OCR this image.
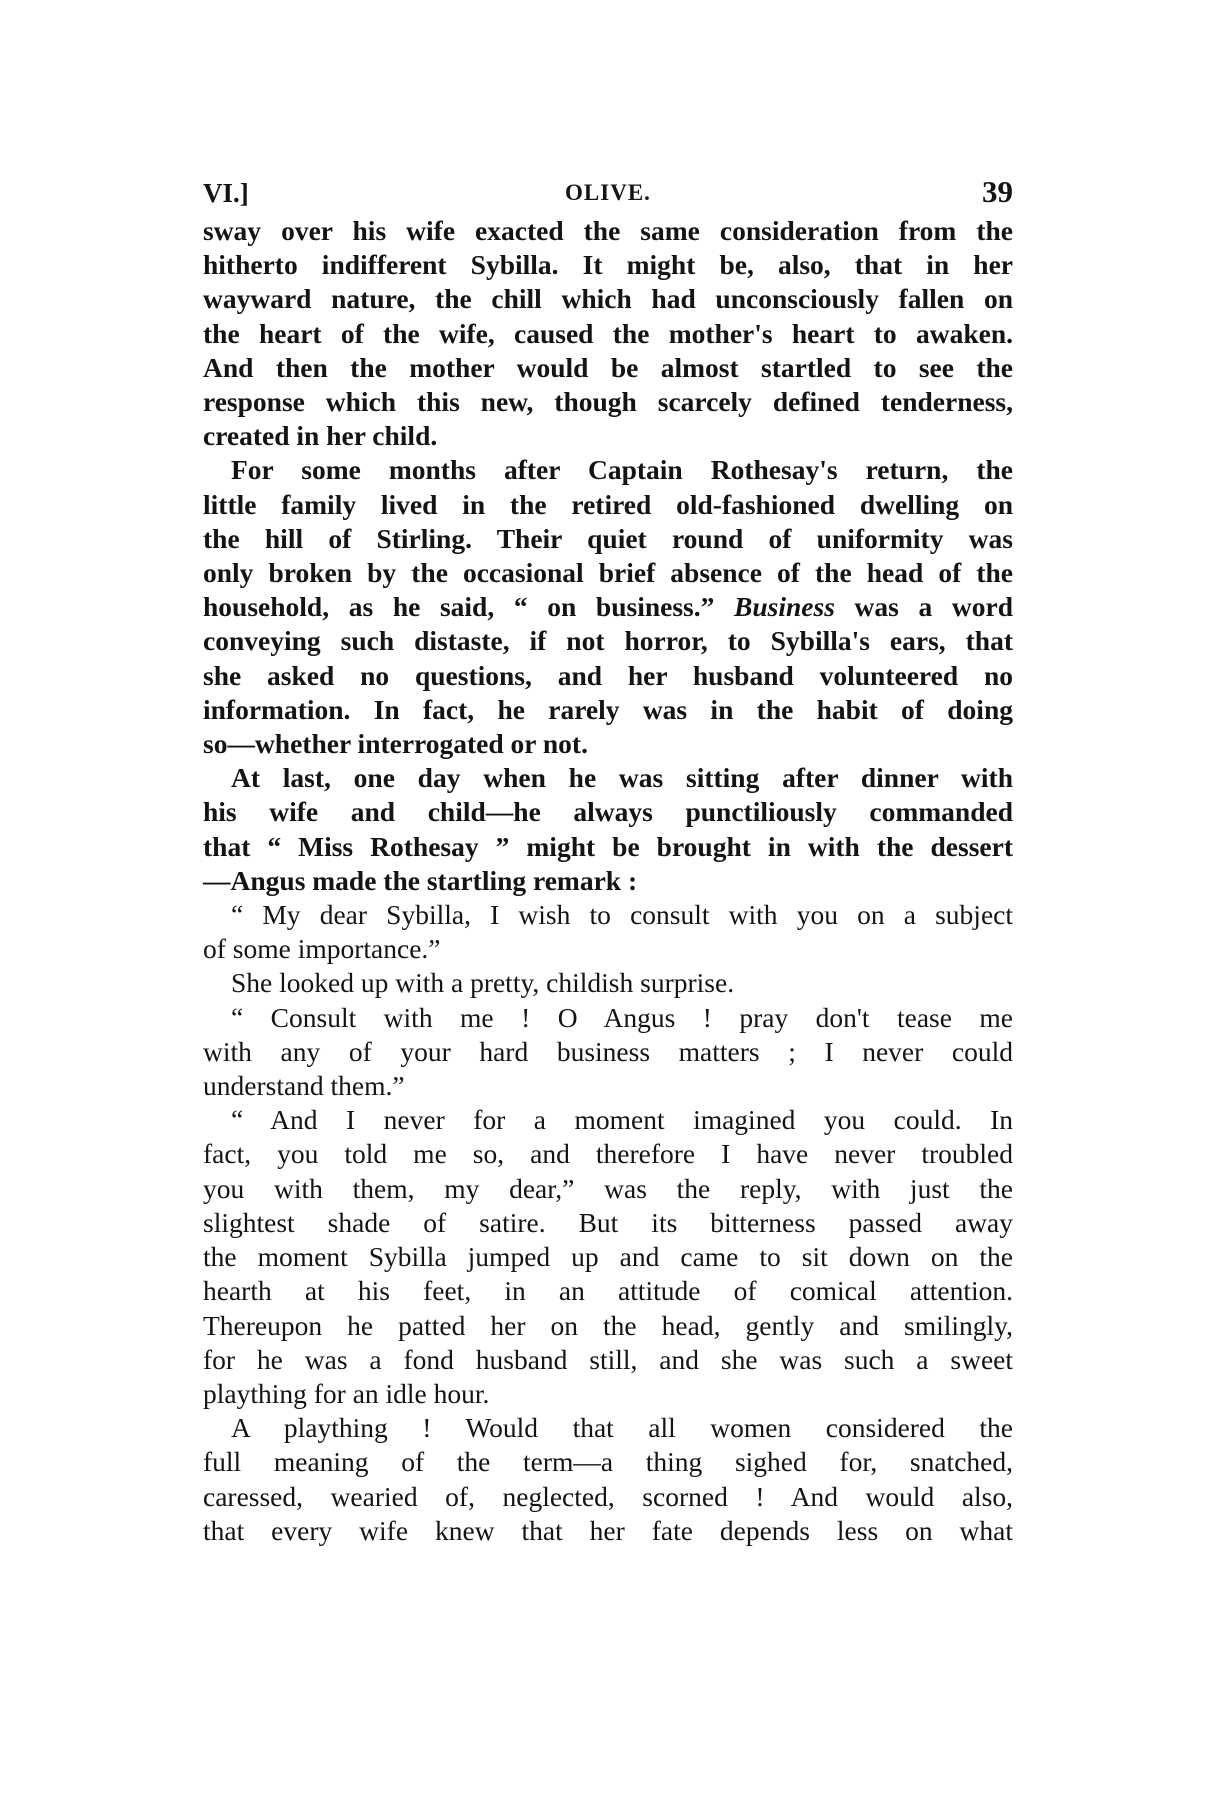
VI.]	OLIVE.	39

sway over his wife exacted the same consideration from the
hitherto indifferent Sybilla. It might be, also, that in her
wayward nature, the chill which had unconsciously fallen on
the heart of the wife, caused the mother's heart to awaken.
And then the mother would be almost startled to see the
response which this new, though scarcely defined tenderness,
created in her child.

For some months after Captain Rothesay's return, the
little family lived in the retired old-fashioned dwelling on
the hill of Stirling. Their quiet round of uniformity was
only broken by the occasional brief absence of the head of the
household, as he said, “ on business.” Business was a word
conveying such distaste, if not horror, to Sybilla's ears, that
she asked no questions, and her husband volunteered no
information. In fact, he rarely was in the habit of doing
so—whether interrogated or not.

At last, one day when he was sitting after dinner with
his wife and child—he always punctiliously commanded
that “ Miss Rothesay ” might be brought in with the dessert
—Angus made the startling remark :

“ My dear Sybilla, I wish to consult with you on a subject
of some importance.”

She looked up with a pretty, childish surprise.

“ Consult with me ! O Angus ! pray don't tease me
with any of your hard business matters ; I never could
understand them.”

“ And I never for a moment imagined you could. In
fact, you told me so, and therefore I have never troubled
you with them, my dear,” was the reply, with just the
slightest shade of satire. But its bitterness passed away
the moment Sybilla jumped up and came to sit down on the
hearth at his feet, in an attitude of comical attention.
Thereupon he patted her on the head, gently and smilingly,
for he was a fond husband still, and she was such a sweet
plaything for an idle hour.

A plaything ! Would that all women considered the
full meaning of the term—a thing sighed for, snatched,
caressed, wearied of, neglected, scorned ! And would also,
that every wife knew that her fate depends less on what
